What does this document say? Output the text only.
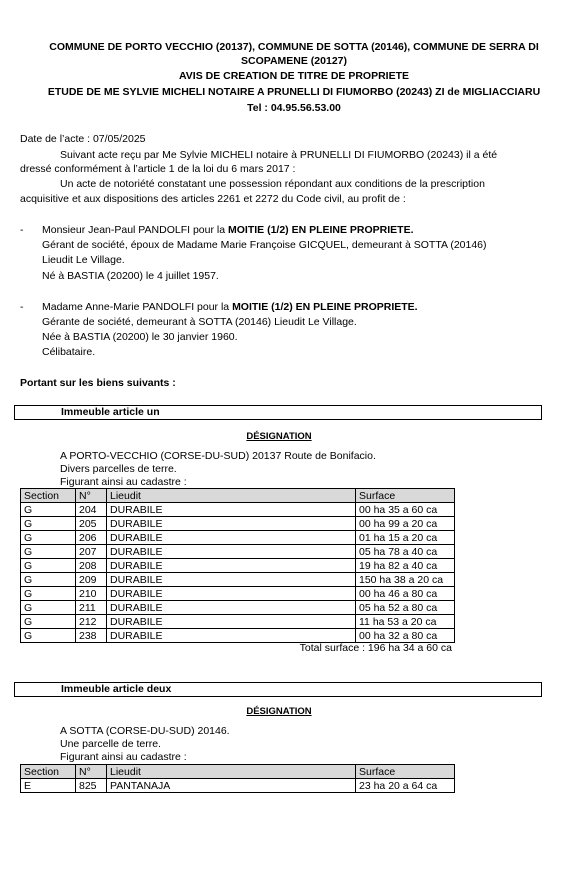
COMMUNE DE PORTO VECCHIO (20137), COMMUNE DE SOTTA (20146), COMMUNE DE SERRA DI
SCOPAMENE (20127)
AVIS DE CREATION DE TITRE DE PROPRIETE
ETUDE DE ME SYLVIE MICHELI NOTAIRE A PRUNELLI DI FIUMORBO (20243) ZI de MIGLIACCIARU
Tel : 04.95.56.53.00
Date de l’acte : 07/05/2025
Suivant acte reçu par Me Sylvie MICHELI notaire à PRUNELLI DI FIUMORBO (20243) il a été
dressé conformément à l’article 1 de la loi du 6 mars 2017 :
Un acte de notoriété constatant une possession répondant aux conditions de la prescription
acquisitive et aux dispositions des articles 2261 et 2272 du Code civil, au profit de :
- Monsieur Jean-Paul PANDOLFI pour la MOITIE (1/2) EN PLEINE PROPRIETE.
Gérant de société, époux de Madame Marie Françoise GICQUEL, demeurant à SOTTA (20146)
Lieudit Le Village.
Né à BASTIA (20200) le 4 juillet 1957.
- Madame Anne-Marie PANDOLFI pour la MOITIE (1/2) EN PLEINE PROPRIETE.
Gérante de société, demeurant à SOTTA (20146) Lieudit Le Village.
Née à BASTIA (20200) le 30 janvier 1960.
Célibataire.
Portant sur les biens suivants :
Immeuble article un
DÉSIGNATION
A PORTO-VECCHIO (CORSE-DU-SUD) 20137 Route de Bonifacio.
Divers parcelles de terre.
Figurant ainsi au cadastre :
Section	N°	Lieudit	Surface
G	204	DURABILE	00 ha 35 a 60 ca
G	205	DURABILE	00 ha 99 a 20 ca
G	206	DURABILE	01 ha 15 a 20 ca
G	207	DURABILE	05 ha 78 a 40 ca
G	208	DURABILE	19 ha 82 a 40 ca
G	209	DURABILE	150 ha 38 a 20 ca
G	210	DURABILE	00 ha 46 a 80 ca
G	211	DURABILE	05 ha 52 a 80 ca
G	212	DURABILE	11 ha 53 a 20 ca
G	238	DURABILE	00 ha 32 a 80 ca
Total surface : 196 ha 34 a 60 ca
Immeuble article deux
DÉSIGNATION
A SOTTA (CORSE-DU-SUD) 20146.
Une parcelle de terre.
Figurant ainsi au cadastre :
Section	N°	Lieudit	Surface
E	825	PANTANAJA	23 ha 20 a 64 ca
